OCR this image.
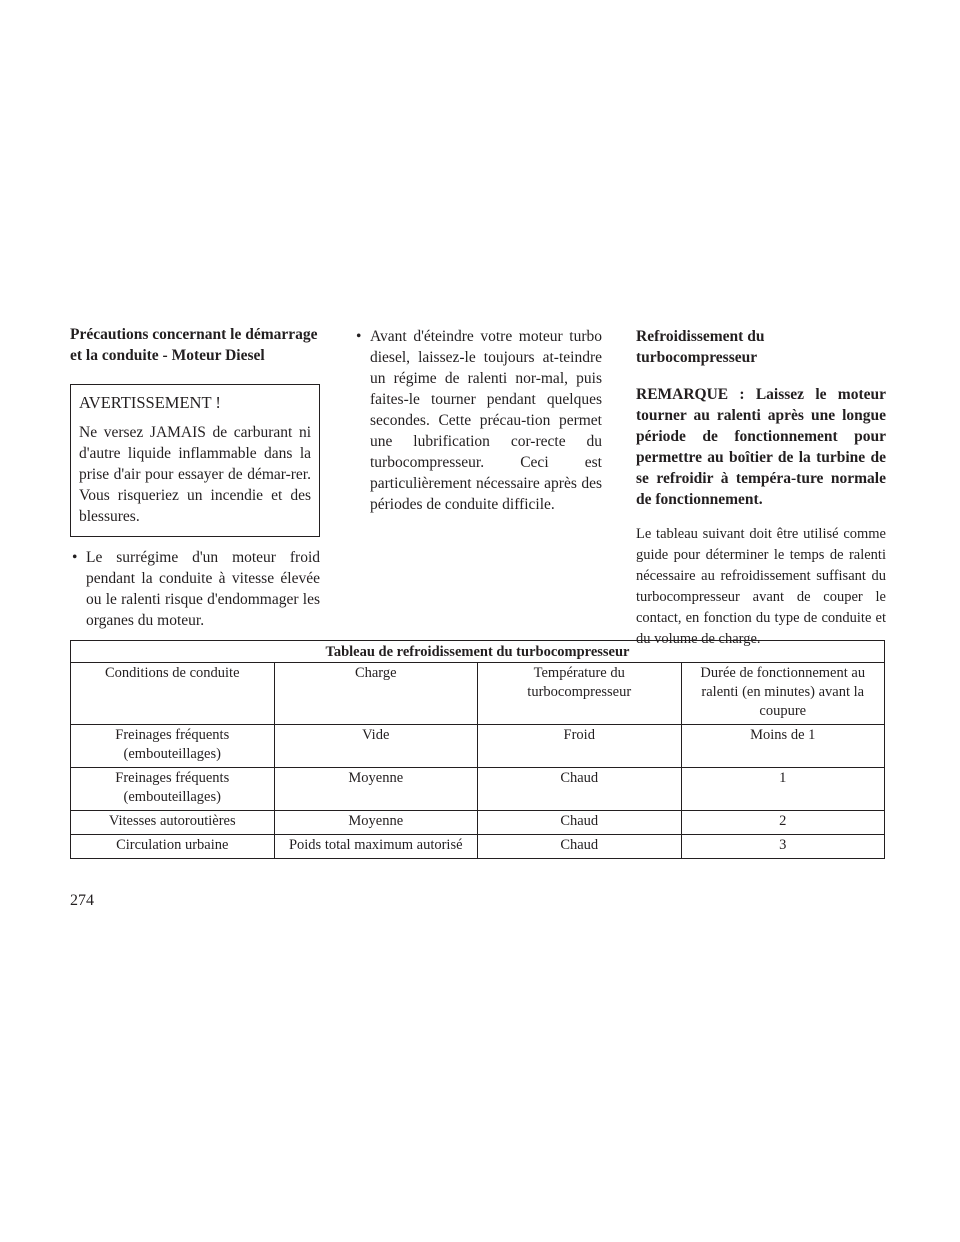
Précautions concernant le démarrage et la conduite - Moteur Diesel

AVERTISSEMENT !

Ne versez JAMAIS de carburant ni d'autre liquide inflammable dans la prise d'air pour essayer de démar-rer. Vous risqueriez un incendie et des blessures.

• Le surrégime d'un moteur froid pendant la conduite à vitesse élevée ou le ralenti risque d'endommager les organes du moteur.
• Avant d'éteindre votre moteur turbo diesel, laissez-le toujours at-teindre un régime de ralenti nor-mal, puis faites-le tourner pendant quelques secondes. Cette précau-tion permet une lubrification cor-recte du turbocompresseur. Ceci est particulièrement nécessaire après des périodes de conduite difficile.

Refroidissement du turbocompresseur

REMARQUE : Laissez le moteur tourner au ralenti après une longue période de fonctionnement pour permettre au boîtier de la turbine de se refroidir à tempéra-ture normale de fonctionnement.

Le tableau suivant doit être utilisé comme guide pour déterminer le temps de ralenti nécessaire au refroidissement suffisant du turbocompresseur avant de couper le contact, en fonction du type de conduite et du volume de charge.

Tableau de refroidissement du turbocompresseur			
Conditions de conduite	Charge	Température du turbocompresseur	Durée de fonctionnement au ralenti (en minutes) avant la coupure
Freinages fréquents (embouteillages)	Vide	Froid	Moins de 1
Freinages fréquents (embouteillages)	Moyenne	Chaud	1
Vitesses autoroutières	Moyenne	Chaud	2
Circulation urbaine	Poids total maximum autorisé	Chaud	3
274
